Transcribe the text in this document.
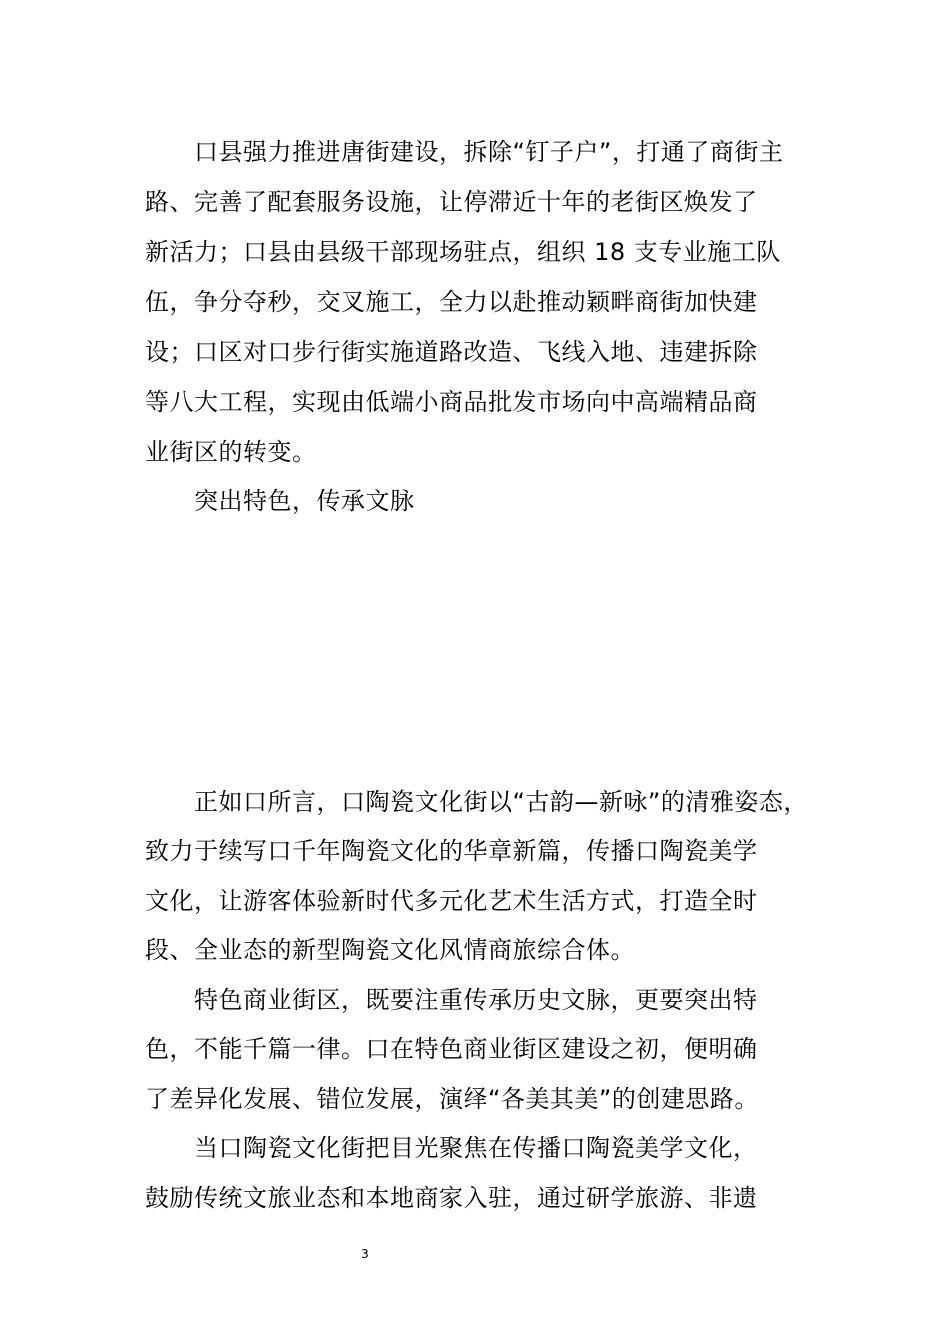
口县强力推进唐街建设，拆除“钉子户”，打通了商街主
路、完善了配套服务设施，让停滞近十年的老街区焕发了
新活力；口县由县级干部现场驻点，组织 18 支专业施工队
伍，争分夺秒，交叉施工，全力以赴推动颖畔商街加快建
设；口区对口步行街实施道路改造、飞线入地、违建拆除
等八大工程，实现由低端小商品批发市场向中高端精品商
业街区的转变。
突出特色，传承文脉
正如口所言，口陶瓷文化街以“古韵—新咏”的清雅姿态，
致力于续写口千年陶瓷文化的华章新篇，传播口陶瓷美学
文化，让游客体验新时代多元化艺术生活方式，打造全时
段、全业态的新型陶瓷文化风情商旅综合体。
特色商业街区，既要注重传承历史文脉，更要突出特
色，不能千篇一律。口在特色商业街区建设之初，便明确
了差异化发展、错位发展，演绎“各美其美”的创建思路。
当口陶瓷文化街把目光聚焦在传播口陶瓷美学文化，
鼓励传统文旅业态和本地商家入驻，通过研学旅游、非遗
3
